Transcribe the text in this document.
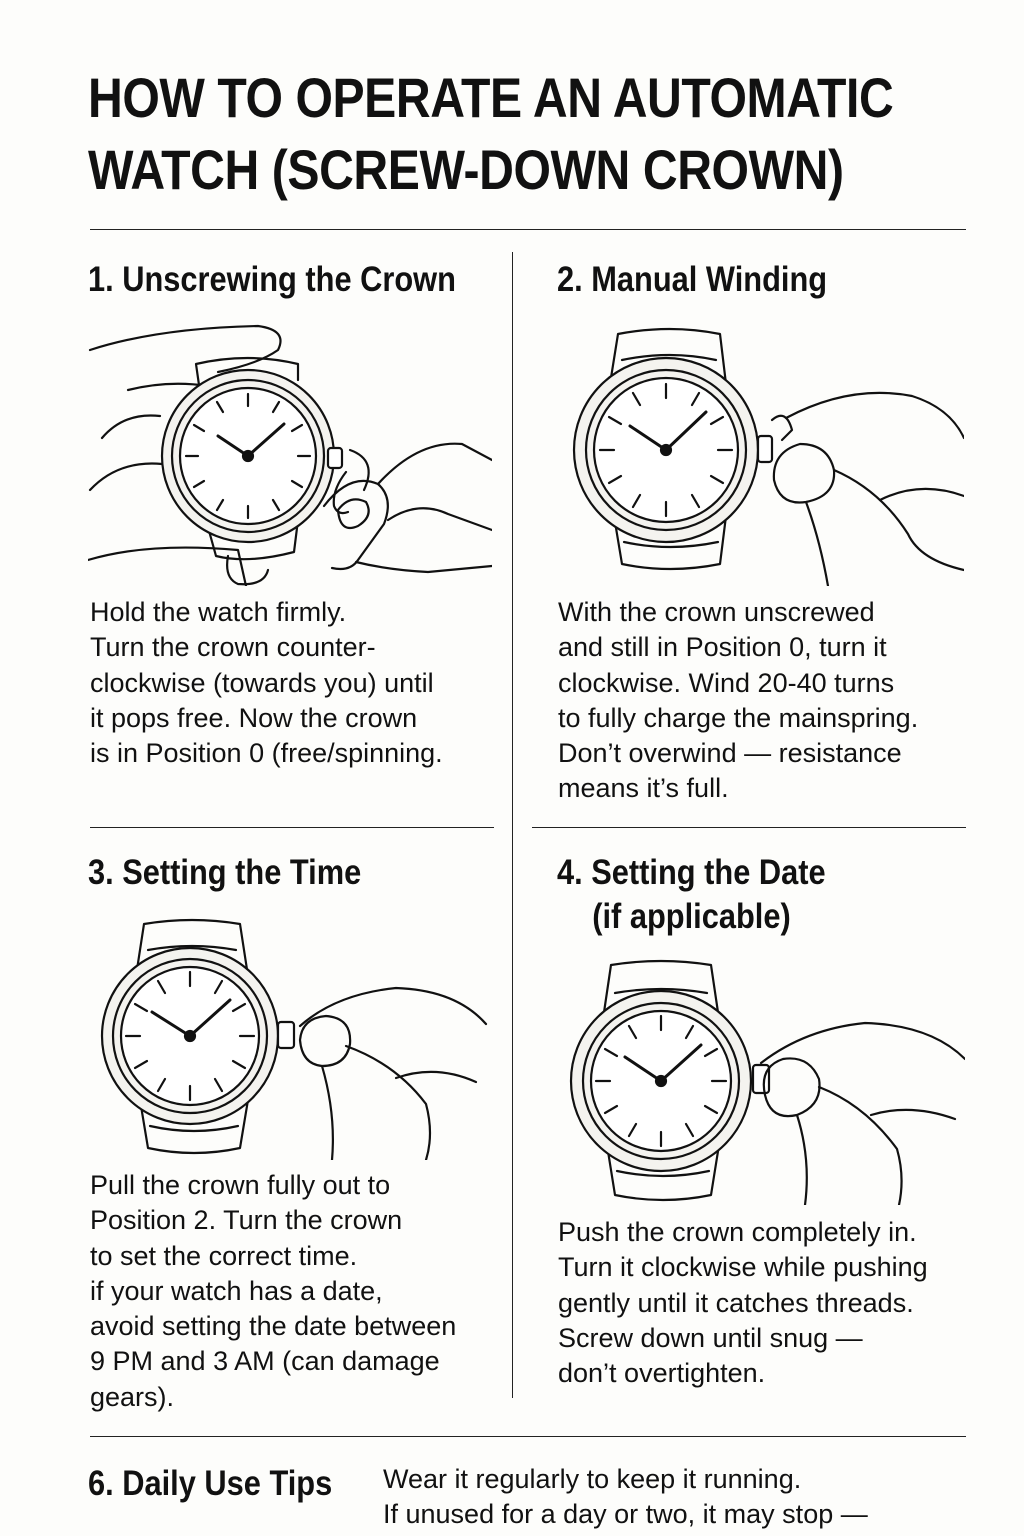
HOW TO OPERATE AN AUTOMATIC
WATCH (SCREW-DOWN CROWN)
1. Unscrewing the Crown

Hold the watch firmly.
Turn the crown counter-
clockwise (towards you) until
it pops free. Now the crown
is in Position 0 (free/spinning.

2. Manual Winding

With the crown unscrewed
and still in Position 0, turn it
clockwise. Wind 20-40 turns
to fully charge the mainspring.
Don’t overwind — resistance
means it’s full.

3. Setting the Time

Pull the crown fully out to
Position 2. Turn the crown
to set the correct time.
if your watch has a date,
avoid setting the date between
9 PM and 3 AM (can damage
gears).

4. Setting the Date
(if applicable)

Push the crown completely in.
Turn it clockwise while pushing
gently until it catches threads.
Screw down until snug —
don’t overtighten.

6. Daily Use Tips Wear it regularly to keep it running.
If unused for a day or two, it may stop —
